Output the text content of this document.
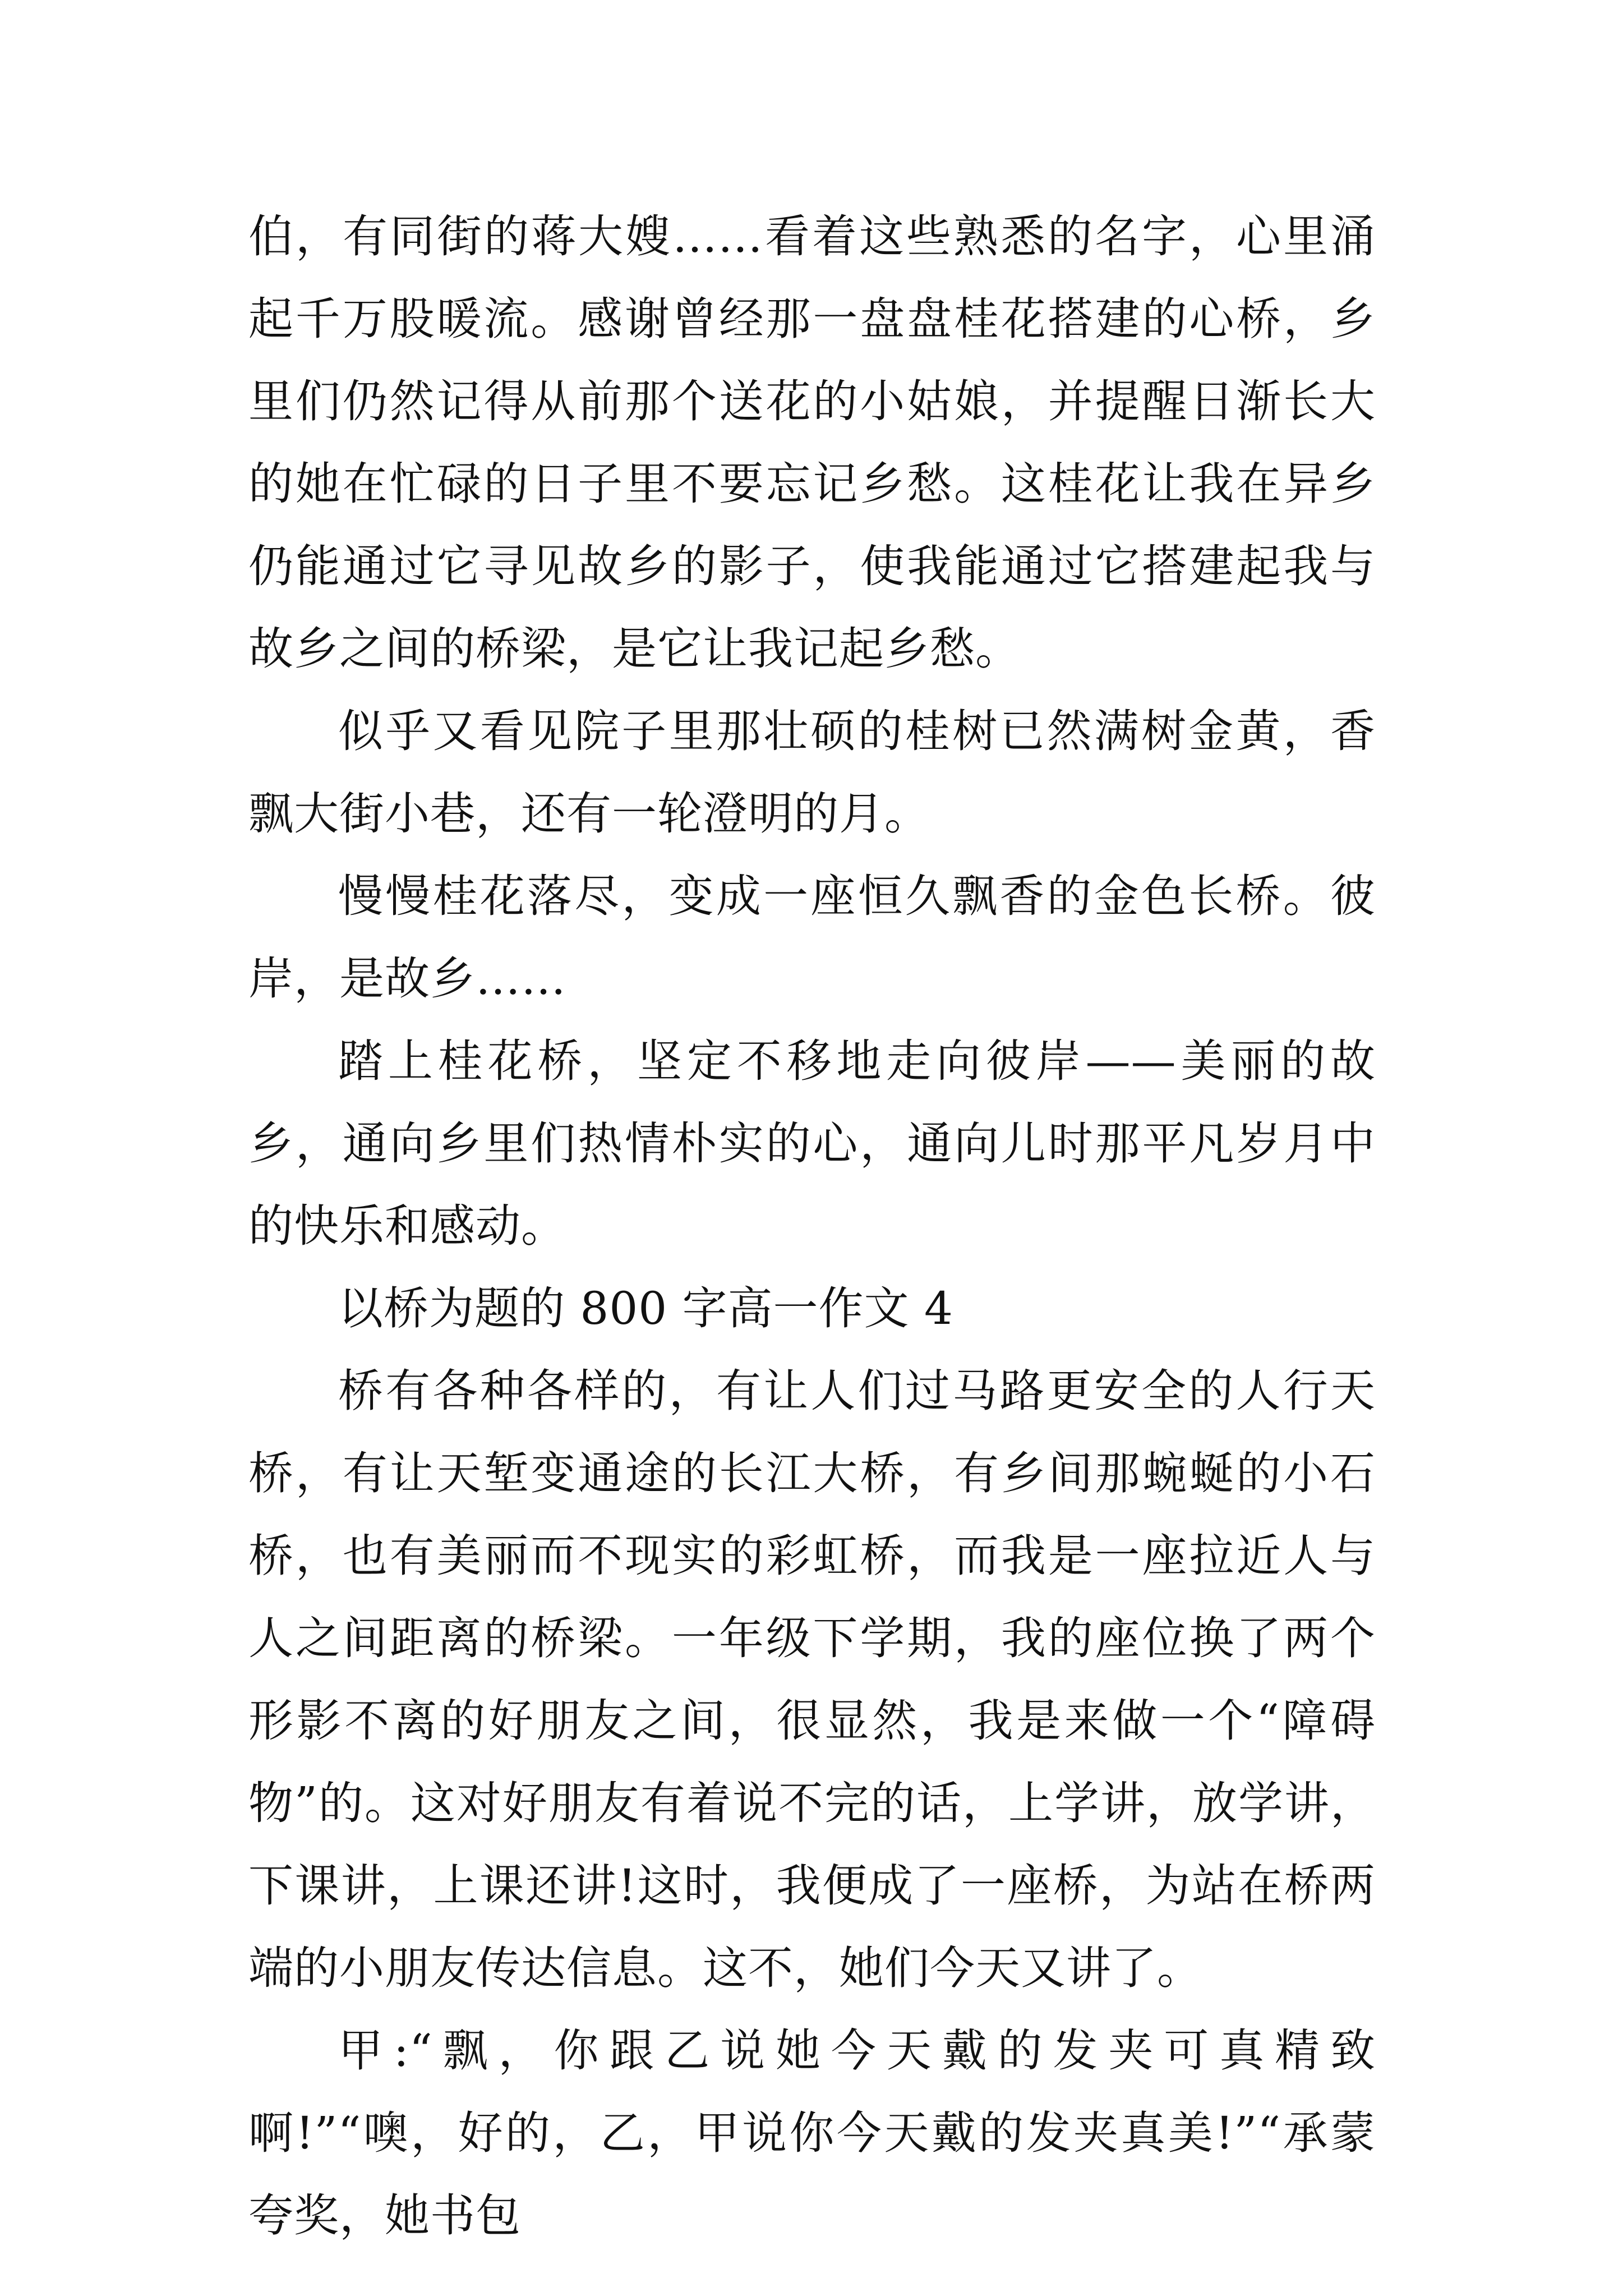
伯，有同街的蒋大嫂……看着这些熟悉的名字，心里涌起千万股暖流。感谢曾经那一盘盘桂花搭建的心桥，乡里们仍然记得从前那个送花的小姑娘，并提醒日渐长大的她在忙碌的日子里不要忘记乡愁。这桂花让我在异乡仍能通过它寻见故乡的影子，使我能通过它搭建起我与故乡之间的桥梁，是它让我记起乡愁。

似乎又看见院子里那壮硕的桂树已然满树金黄，香飘大街小巷，还有一轮澄明的月。

慢慢桂花落尽，变成一座恒久飘香的金色长桥。彼岸，是故乡……

踏上桂花桥，坚定不移地走向彼岸——美丽的故乡，通向乡里们热情朴实的心，通向儿时那平凡岁月中的快乐和感动。

以桥为题的 800 字高一作文 4

桥有各种各样的，有让人们过马路更安全的人行天桥，有让天堑变通途的长江大桥，有乡间那蜿蜒的小石桥，也有美丽而不现实的彩虹桥，而我是一座拉近人与人之间距离的桥梁。一年级下学期，我的座位换了两个形影不离的好朋友之间，很显然，我是来做一个“障碍物”的。这对好朋友有着说不完的话，上学讲，放学讲，下课讲，上课还讲!这时，我便成了一座桥，为站在桥两端的小朋友传达信息。这不，她们今天又讲了。

甲:“飘，你跟乙说她今天戴的发夹可真精致啊!”“噢，好的，乙，甲说你今天戴的发夹真美!”“承蒙夸奖，她书包
